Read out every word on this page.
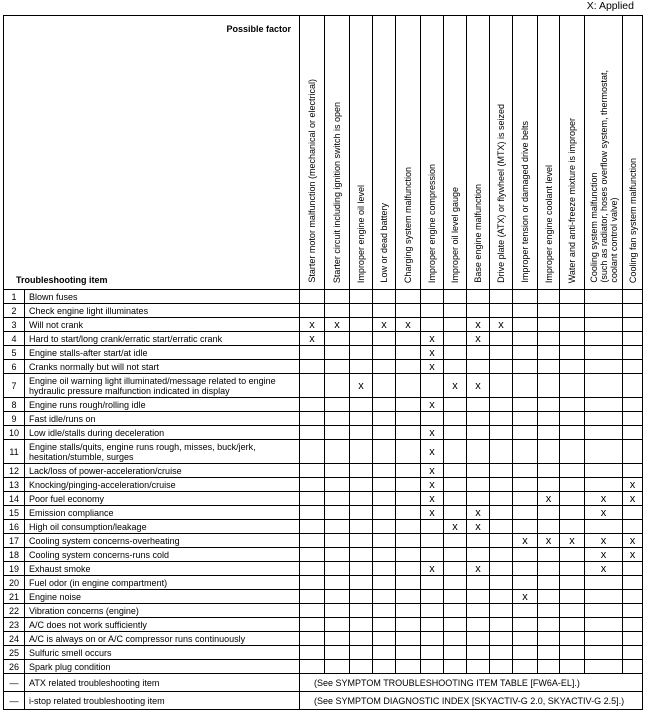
X: Applied
Possible factor
Troubleshooting item		Starter motor malfunction (mechanical or electrical)	Starter circuit including ignition switch is open	Improper engine oil level	Low or dead battery	Charging system malfunction	Improper engine compression	Improper oil level gauge	Base engine malfunction	Drive plate (ATX) or flywheel (MTX) is seized	Improper tension or damaged drive belts	Improper engine coolant level	Water and anti-freeze mixture is improper	Cooling system malfunction
(such as radiator, hoses overflow system, thermostat,
coolant control valve)	Cooling fan system malfunction
1	Blown fuses														
2	Check engine light illuminates														
3	Will not crank	x	x		x	x			x	x					
4	Hard to start/long crank/erratic start/erratic crank	x					x		x						
5	Engine stalls-after start/at idle						x								
6	Cranks normally but will not start						x								
7	Engine oil warning light illuminated/message related to engine hydraulic pressure malfunction indicated in display			x				x	x						
8	Engine runs rough/rolling idle						x								
9	Fast idle/runs on														
10	Low idle/stalls during deceleration						x								
11	Engine stalls/quits, engine runs rough, misses, buck/jerk, hesitation/stumble, surges						x								
12	Lack/loss of power-acceleration/cruise						x								
13	Knocking/pinging-acceleration/cruise						x								x
14	Poor fuel economy						x					x		x	x
15	Emission compliance						x		x					x	
16	High oil consumption/leakage							x	x						
17	Cooling system concerns-overheating										x	x	x	x	x
18	Cooling system concerns-runs cold													x	x
19	Exhaust smoke						x		x					x	
20	Fuel odor (in engine compartment)														
21	Engine noise										x				
22	Vibration concerns (engine)														
23	A/C does not work sufficiently														
24	A/C is always on or A/C compressor runs continuously														
25	Sulfuric smell occurs														
26	Spark plug condition														
—	ATX related troubleshooting item	(See SYMPTOM TROUBLESHOOTING ITEM TABLE [FW6A-EL].)													
—	i-stop related troubleshooting item	(See SYMPTOM DIAGNOSTIC INDEX [SKYACTIV-G 2.0, SKYACTIV-G 2.5].)													
